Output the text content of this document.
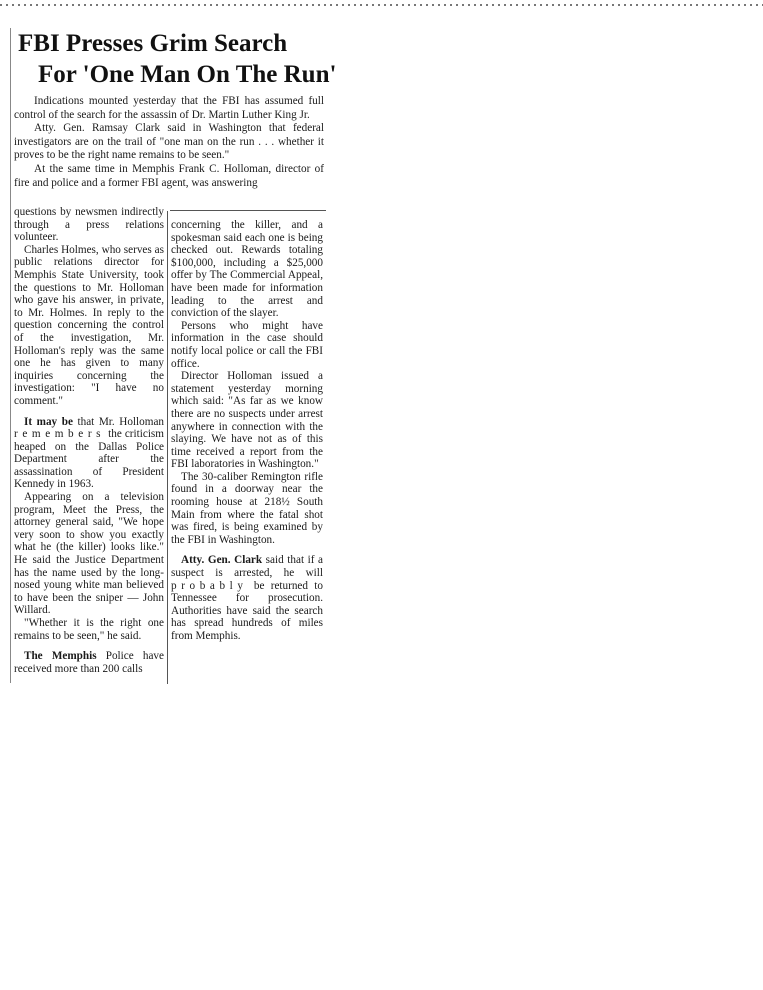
FBI Presses Grim Search
For 'One Man On The Run'

Indications mounted yesterday that the FBI has assumed full control of the search for the assassin of Dr. Martin Luther King Jr.

Atty. Gen. Ramsay Clark said in Washington that federal investigators are on the trail of "one man on the run . . . whether it proves to be the right name remains to be seen."

At the same time in Memphis Frank C. Holloman, director of fire and police and a former FBI agent, was answering

questions by newsmen indirectly through a press relations volunteer.

Charles Holmes, who serves as public relations director for Memphis State University, took the questions to Mr. Holloman who gave his answer, in private, to Mr. Holmes. In reply to the question concerning the control of the investigation, Mr. Holloman's reply was the same one he has given to many inquiries concerning the investigation: "I have no comment."

It may be that Mr. Holloman remembers the criticism heaped on the Dallas Police Department after the assassination of President Kennedy in 1963.

Appearing on a television program, Meet the Press, the attorney general said, "We hope very soon to show you exactly what he (the killer) looks like." He said the Justice Department has the name used by the long-nosed young white man believed to have been the sniper — John Willard.

"Whether it is the right one remains to be seen," he said.

The Memphis Police have received more than 200 calls

concerning the killer, and a spokesman said each one is being checked out. Rewards totaling $100,000, including a $25,000 offer by The Commercial Appeal, have been made for information leading to the arrest and conviction of the slayer.

Persons who might have information in the case should notify local police or call the FBI office.

Director Holloman issued a statement yesterday morning which said: "As far as we know there are no suspects under arrest anywhere in connection with the slaying. We have not as of this time received a report from the FBI laboratories in Washington."

The 30-caliber Remington rifle found in a doorway near the rooming house at 218½ South Main from where the fatal shot was fired, is being examined by the FBI in Washington.

Atty. Gen. Clark said that if a suspect is arrested, he will probably be returned to Tennessee for prosecution. Authorities have said the search has spread hundreds of miles from Memphis.
